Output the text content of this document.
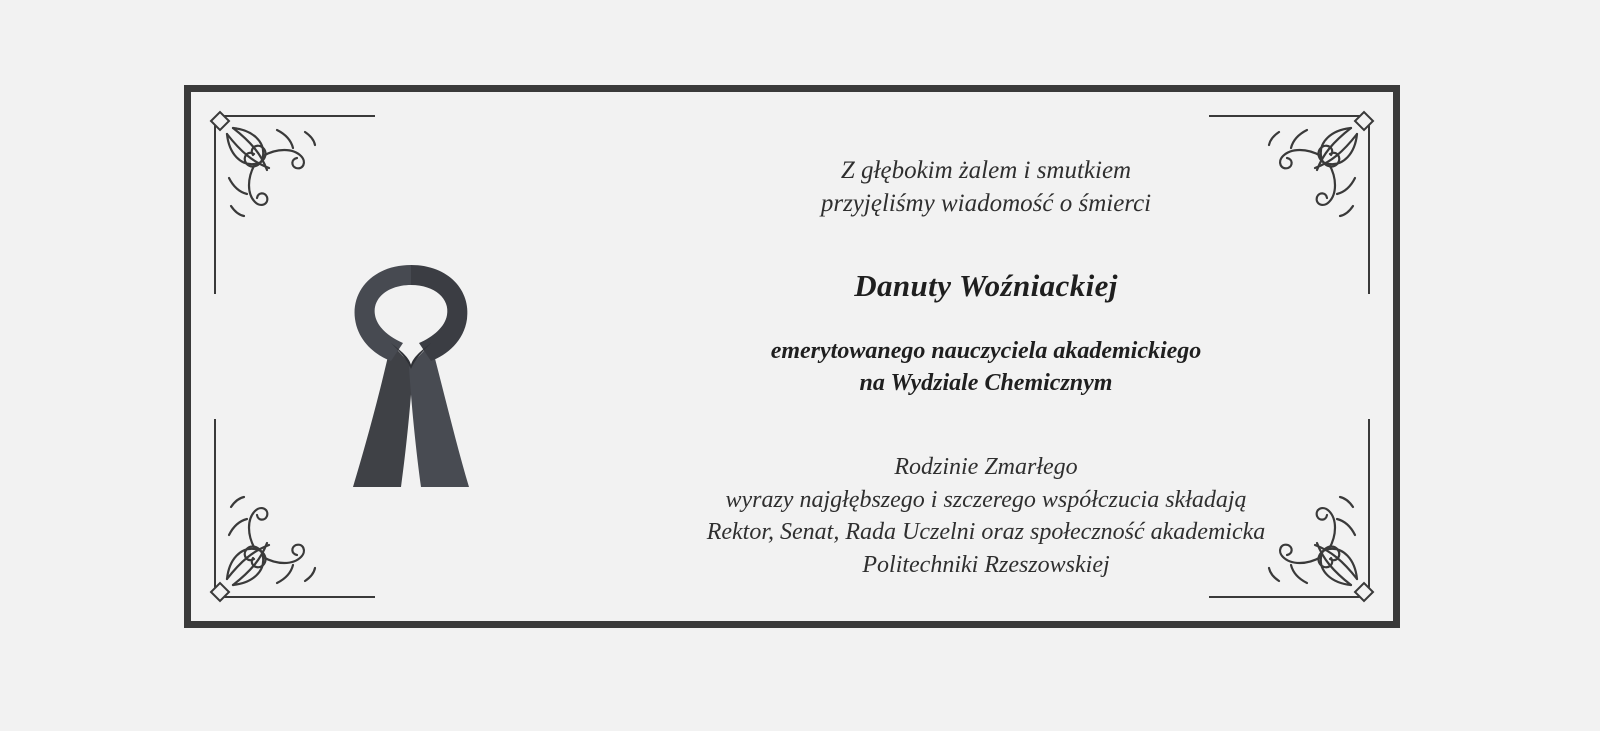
Z głębokim żalem i smutkiem
przyjęliśmy wiadomość o śmierci
Danuty Woźniackiej
emerytowanego nauczyciela akademickiego
na Wydziale Chemicznym
Rodzinie Zmarłego
wyrazy najgłębszego i szczerego współczucia składają
Rektor, Senat, Rada Uczelni oraz społeczność akademicka
Politechniki Rzeszowskiej
